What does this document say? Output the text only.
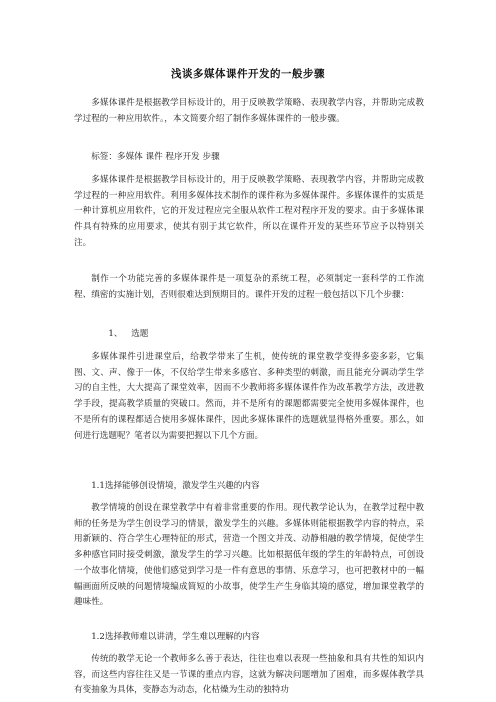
浅谈多媒体课件开发的一般步骤

多媒体课件是根据教学目标设计的，用于反映教学策略、表现教学内容，并帮助完成教学过程的一种应用软件。，本文简要介绍了制作多媒体课件的一般步骤。

标签：多媒体 课件 程序开发 步骤

多媒体课件是根据教学目标设计的，用于反映教学策略、表现教学内容，并帮助完成教学过程的一种应用软件。利用多媒体技术制作的课件称为多媒体课件。多媒体课件的实质是一种计算机应用软件，它的开发过程应完全服从软件工程对程序开发的要求。由于多媒体课件具有特殊的应用要求，使其有别于其它软件，所以在课件开发的某些环节应予以特别关注。

制作一个功能完善的多媒体课件是一项复杂的系统工程，必须制定一套科学的工作流程、缜密的实施计划，否则很难达到预期目的。课件开发的过程一般包括以下几个步骤：

1、 选题

多媒体课件引进课堂后，给教学带来了生机，使传统的课堂教学变得多姿多彩，它集图、文、声、像于一体，不仅给学生带来多感官、多种类型的刺激，而且能充分调动学生学习的自主性，大大提高了课堂效率，因而不少教师将多媒体课件作为改革教学方法，改进教学手段，提高教学质量的突破口。然而，并不是所有的课题都需要完全使用多媒体课件，也不是所有的课程都适合使用多媒体课件，因此多媒体课件的选题就显得格外重要。那么，如何进行选题呢？笔者以为需要把握以下几个方面。

1.1选择能够创设情境，激发学生兴趣的内容

教学情境的创设在课堂教学中有着非常重要的作用。现代教学论认为，在教学过程中教师的任务是为学生创设学习的情景，激发学生的兴趣。多媒体则能根据教学内容的特点，采用新颖的、符合学生心理特征的形式，营造一个图文并茂、动静相融的教学情境，促使学生多种感官同时接受刺激，激发学生的学习兴趣。比如根据低年级的学生的年龄特点，可创设一个故事化情境，使他们感觉到学习是一件有意思的事情、乐意学习，也可把教材中的一幅幅画面所反映的问题情境编成简短的小故事，使学生产生身临其境的感觉，增加课堂教学的趣味性。

1.2选择教师难以讲清，学生难以理解的内容

传统的教学无论一个教师多么善于表达，往往也难以表现一些抽象和具有共性的知识内容，而这些内容往往又是一节课的重点内容，这就为解决问题增加了困难，而多媒体教学具有变抽象为具体，变静态为动态，化枯燥为生动的独特功
